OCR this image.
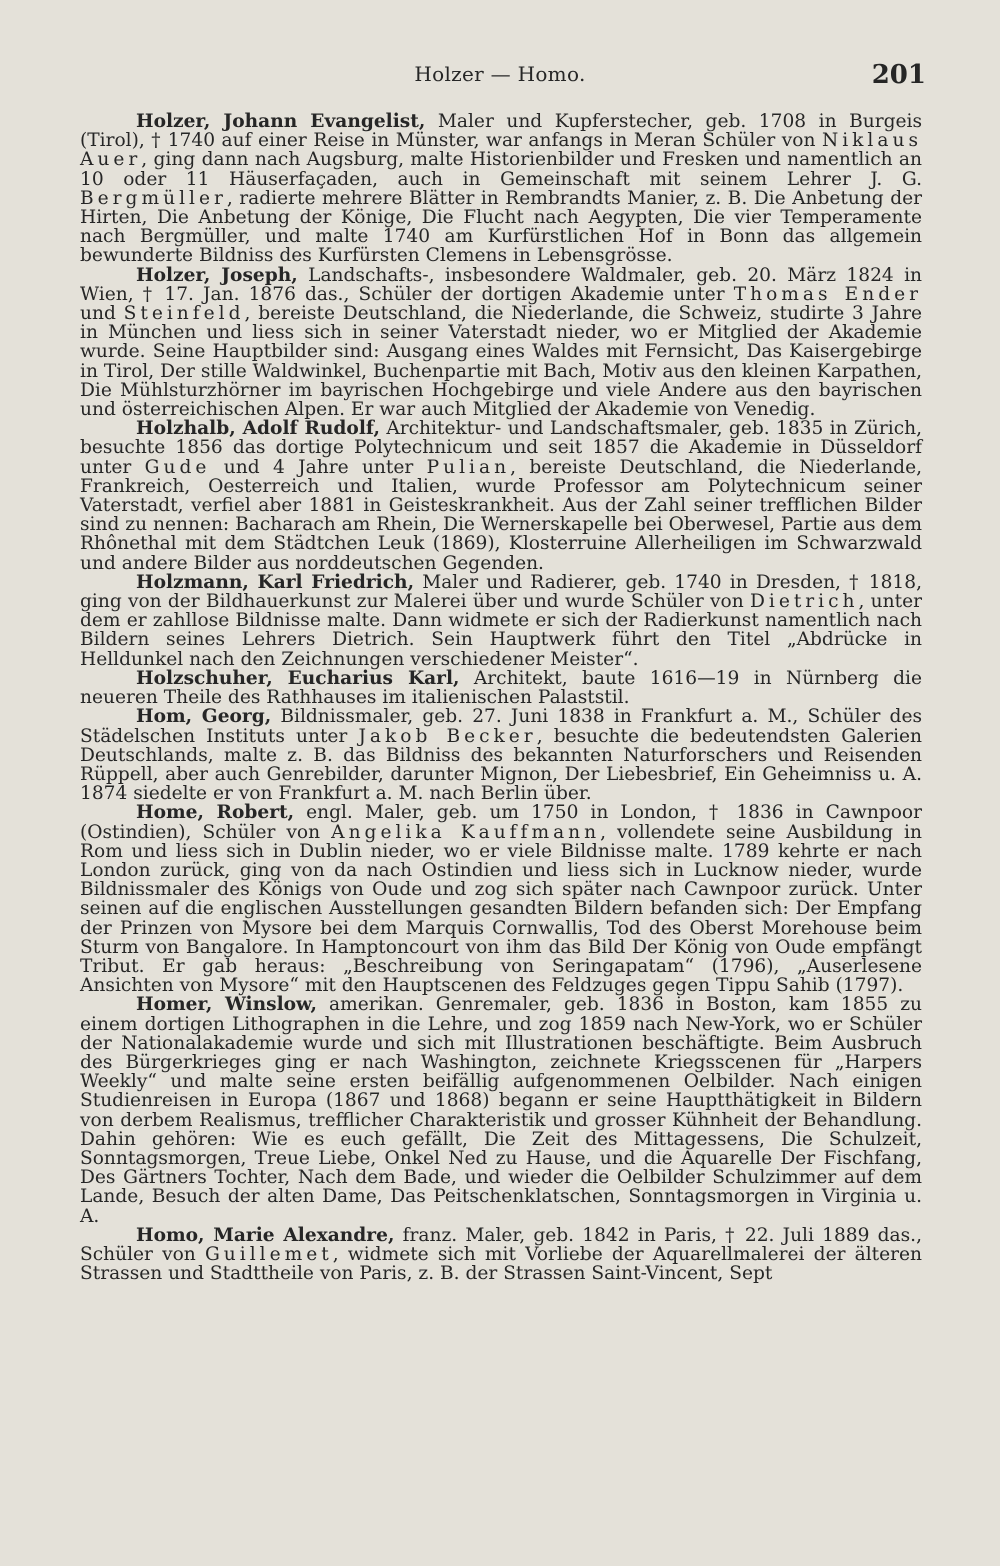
Holzer — Homo.	201

Holzer, Johann Evangelist, Maler und Kupferstecher, geb. 1708 in Burgeis (Tirol), † 1740 auf einer Reise in Münster, war anfangs in Meran Schüler von Niklaus Auer, ging dann nach Augsburg, malte Historienbilder und Fresken und namentlich an 10 oder 11 Häuserfaçaden, auch in Gemeinschaft mit seinem Lehrer J. G. Bergmüller, radierte mehrere Blätter in Rembrandts Manier, z. B. Die Anbetung der Hirten, Die Anbetung der Könige, Die Flucht nach Aegypten, Die vier Temperamente nach Bergmüller, und malte 1740 am Kurfürstlichen Hof in Bonn das allgemein bewunderte Bildniss des Kurfürsten Clemens in Lebensgrösse.

Holzer, Joseph, Landschafts-, insbesondere Waldmaler, geb. 20. März 1824 in Wien, † 17. Jan. 1876 das., Schüler der dortigen Akademie unter Thomas Ender und Steinfeld, bereiste Deutschland, die Niederlande, die Schweiz, studirte 3 Jahre in München und liess sich in seiner Vaterstadt nieder, wo er Mitglied der Akademie wurde. Seine Hauptbilder sind: Ausgang eines Waldes mit Fernsicht, Das Kaisergebirge in Tirol, Der stille Waldwinkel, Buchenpartie mit Bach, Motiv aus den kleinen Karpathen, Die Mühlsturzhörner im bayrischen Hochgebirge und viele Andere aus den bayrischen und österreichischen Alpen. Er war auch Mitglied der Akademie von Venedig.

Holzhalb, Adolf Rudolf, Architektur- und Landschaftsmaler, geb. 1835 in Zürich, besuchte 1856 das dortige Polytechnicum und seit 1857 die Akademie in Düsseldorf unter Gude und 4 Jahre unter Pulian, bereiste Deutschland, die Niederlande, Frankreich, Oesterreich und Italien, wurde Professor am Polytechnicum seiner Vaterstadt, verfiel aber 1881 in Geisteskrankheit. Aus der Zahl seiner trefflichen Bilder sind zu nennen: Bacharach am Rhein, Die Wernerskapelle bei Oberwesel, Partie aus dem Rhônethal mit dem Städtchen Leuk (1869), Klosterruine Allerheiligen im Schwarzwald und andere Bilder aus norddeutschen Gegenden.

Holzmann, Karl Friedrich, Maler und Radierer, geb. 1740 in Dresden, † 1818, ging von der Bildhauerkunst zur Malerei über und wurde Schüler von Dietrich, unter dem er zahllose Bildnisse malte. Dann widmete er sich der Radierkunst namentlich nach Bildern seines Lehrers Dietrich. Sein Hauptwerk führt den Titel „Abdrücke in Helldunkel nach den Zeichnungen verschiedener Meister“.

Holzschuher, Eucharius Karl, Architekt, baute 1616—19 in Nürnberg die neueren Theile des Rathhauses im italienischen Palaststil.

Hom, Georg, Bildnissmaler, geb. 27. Juni 1838 in Frankfurt a. M., Schüler des Städelschen Instituts unter Jakob Becker, besuchte die bedeutendsten Galerien Deutschlands, malte z. B. das Bildniss des bekannten Naturforschers und Reisenden Rüppell, aber auch Genrebilder, darunter Mignon, Der Liebesbrief, Ein Geheimniss u. A. 1874 siedelte er von Frankfurt a. M. nach Berlin über.

Home, Robert, engl. Maler, geb. um 1750 in London, † 1836 in Cawnpoor (Ostindien), Schüler von Angelika Kauffmann, vollendete seine Ausbildung in Rom und liess sich in Dublin nieder, wo er viele Bildnisse malte. 1789 kehrte er nach London zurück, ging von da nach Ostindien und liess sich in Lucknow nieder, wurde Bildnissmaler des Königs von Oude und zog sich später nach Cawnpoor zurück. Unter seinen auf die englischen Ausstellungen gesandten Bildern befanden sich: Der Empfang der Prinzen von Mysore bei dem Marquis Cornwallis, Tod des Oberst Morehouse beim Sturm von Bangalore. In Hamptoncourt von ihm das Bild Der König von Oude empfängt Tribut. Er gab heraus: „Beschreibung von Seringapatam“ (1796), „Auserlesene Ansichten von Mysore“ mit den Hauptscenen des Feldzuges gegen Tippu Sahib (1797).

Homer, Winslow, amerikan. Genremaler, geb. 1836 in Boston, kam 1855 zu einem dortigen Lithographen in die Lehre, und zog 1859 nach New-York, wo er Schüler der Nationalakademie wurde und sich mit Illustrationen beschäftigte. Beim Ausbruch des Bürgerkrieges ging er nach Washington, zeichnete Kriegsscenen für „Harpers Weekly“ und malte seine ersten beifällig aufgenommenen Oelbilder. Nach einigen Studienreisen in Europa (1867 und 1868) begann er seine Hauptthätigkeit in Bildern von derbem Realismus, trefflicher Charakteristik und grosser Kühnheit der Behandlung. Dahin gehören: Wie es euch gefällt, Die Zeit des Mittagessens, Die Schulzeit, Sonntagsmorgen, Treue Liebe, Onkel Ned zu Hause, und die Aquarelle Der Fischfang, Des Gärtners Tochter, Nach dem Bade, und wieder die Oelbilder Schulzimmer auf dem Lande, Besuch der alten Dame, Das Peitschenklatschen, Sonntagsmorgen in Virginia u. A.

Homo, Marie Alexandre, franz. Maler, geb. 1842 in Paris, † 22. Juli 1889 das., Schüler von Guillemet, widmete sich mit Vorliebe der Aquarellmalerei der älteren Strassen und Stadttheile von Paris, z. B. der Strassen Saint-Vincent, Sept
